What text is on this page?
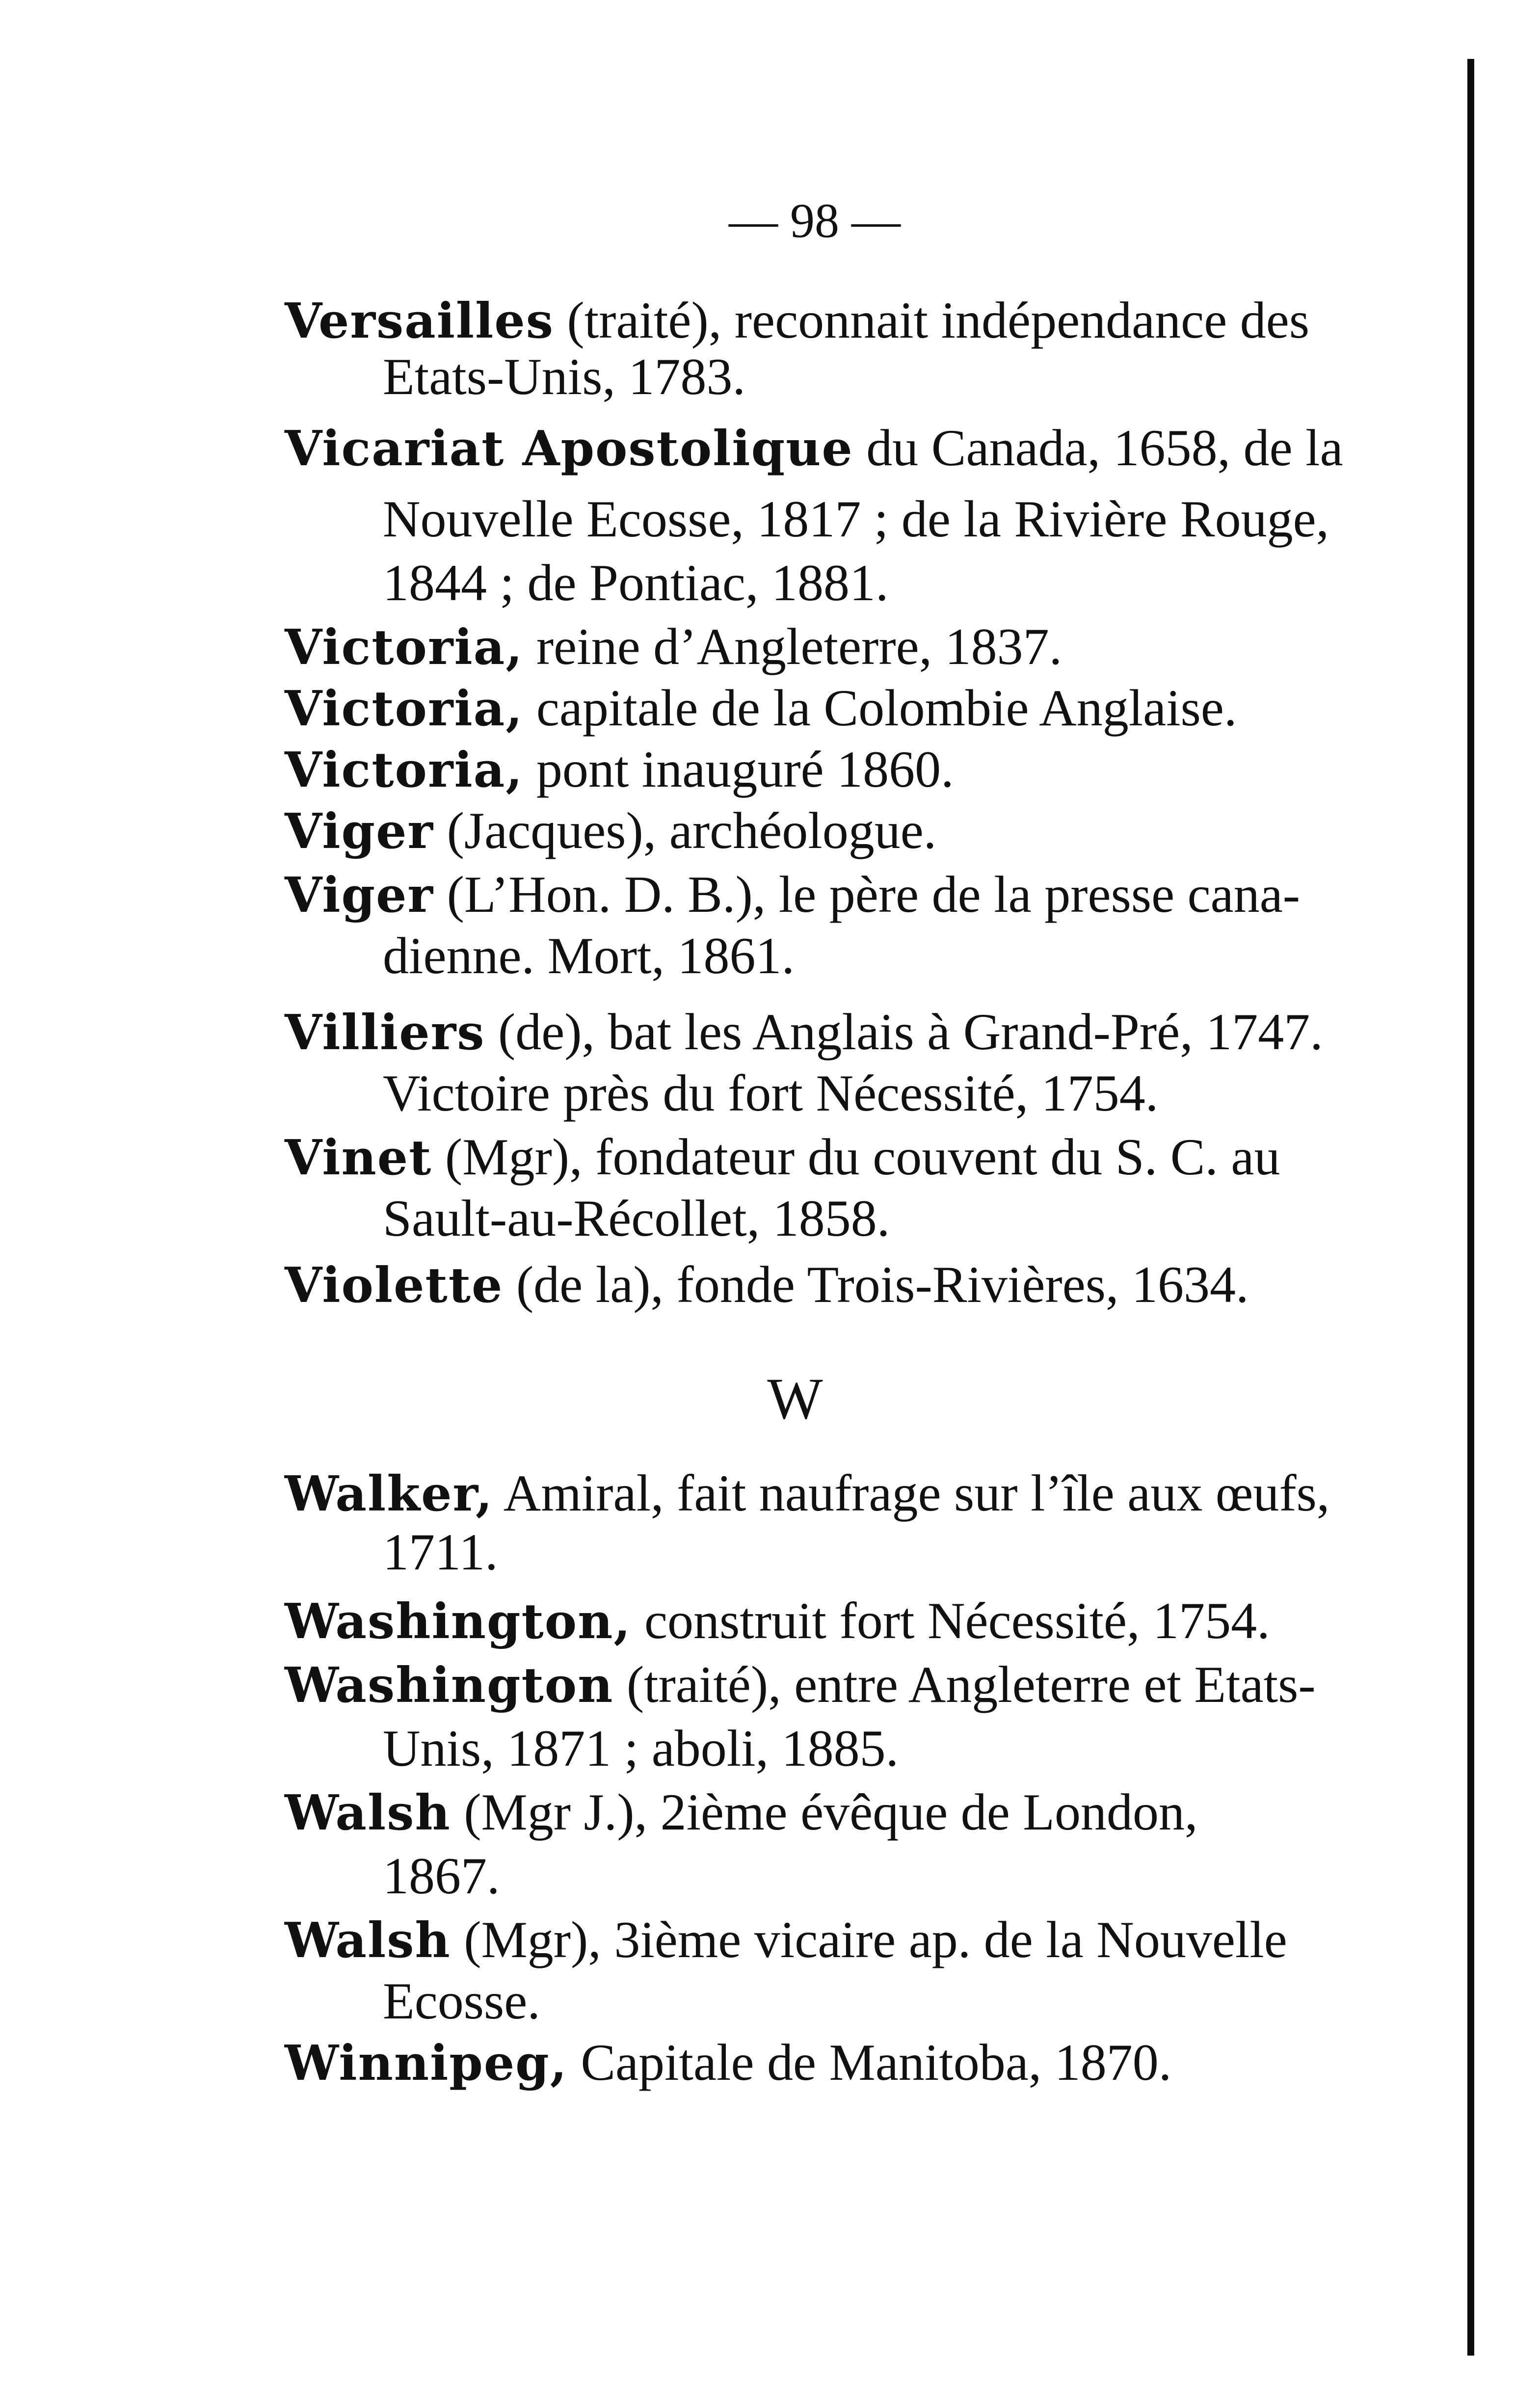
— 98 —
Versailles (traité), reconnait indépendance des
Etats-Unis, 1783.
Vicariat Apostolique du Canada, 1658, de la
Nouvelle Ecosse, 1817 ; de la Rivière Rouge,
1844 ; de Pontiac, 1881.
Victoria, reine d’Angleterre, 1837.
Victoria, capitale de la Colombie Anglaise.
Victoria, pont inauguré 1860.
Viger (Jacques), archéologue.
Viger (L’Hon. D. B.), le père de la presse cana-
dienne. Mort, 1861.
Villiers (de), bat les Anglais à Grand-Pré, 1747.
Victoire près du fort Nécessité, 1754.
Vinet (Mgr), fondateur du couvent du S. C. au
Sault-au-Récollet, 1858.
Violette (de la), fonde Trois-Rivières, 1634.
W
Walker, Amiral, fait naufrage sur l’île aux œufs,
1711.
Washington, construit fort Nécessité, 1754.
Washington (traité), entre Angleterre et Etats-
Unis, 1871 ; aboli, 1885.
Walsh (Mgr J.), 2ième évêque de London,
1867.
Walsh (Mgr), 3ième vicaire ap. de la Nouvelle
Ecosse.
Winnipeg, Capitale de Manitoba, 1870.
